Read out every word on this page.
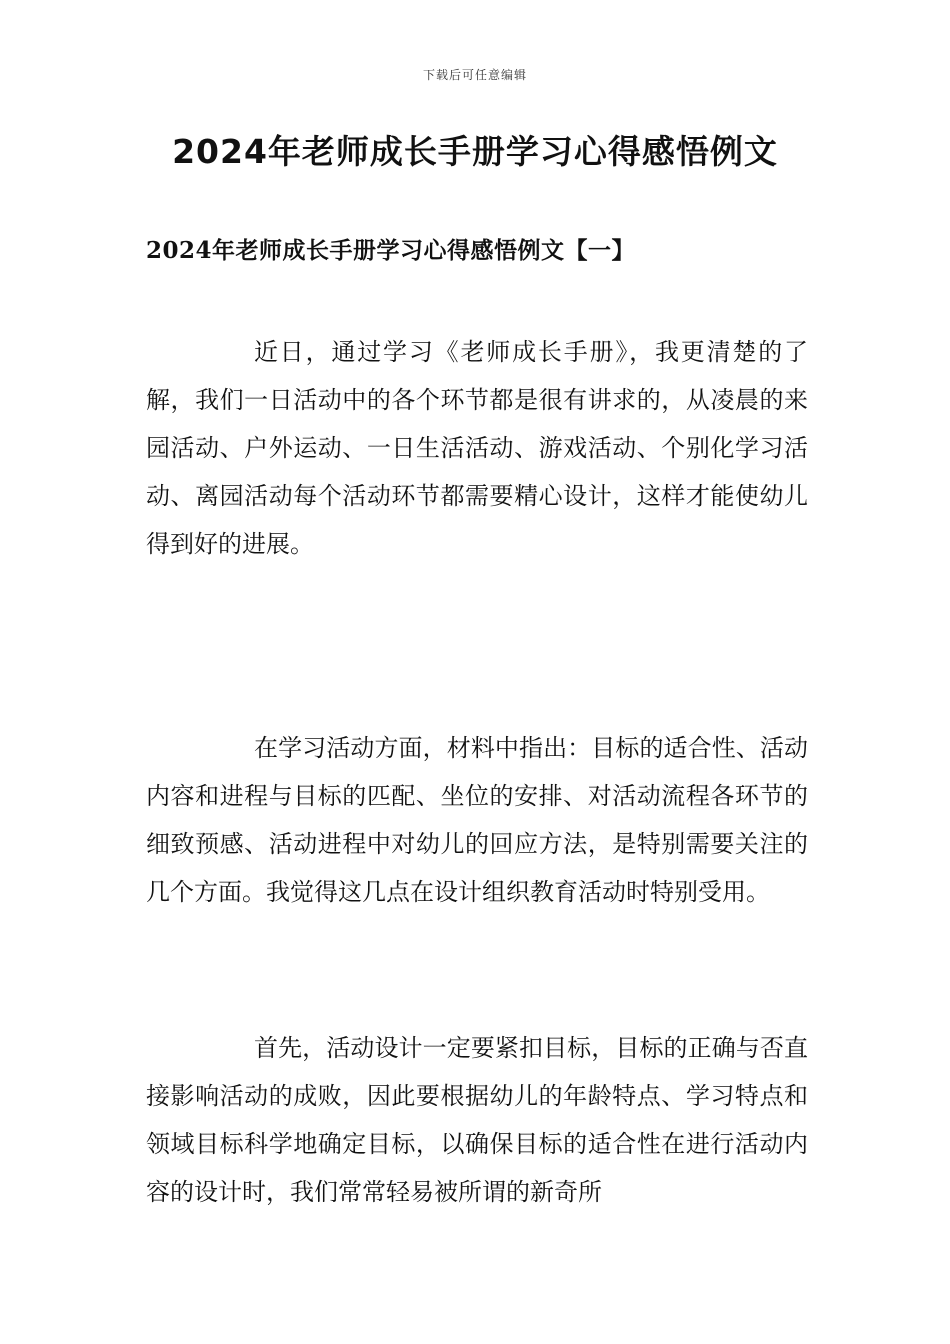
下载后可任意编辑
2024年老师成长手册学习心得感悟例文
2024年老师成长手册学习心得感悟例文【一】

近日，通过学习《老师成长手册》，我更清楚的了解，我们一日活动中的各个环节都是很有讲求的，从凌晨的来园活动、户外运动、一日生活活动、游戏活动、个别化学习活动、离园活动每个活动环节都需要精心设计，这样才能使幼儿得到好的进展。

在学习活动方面，材料中指出：目标的适合性、活动内容和进程与目标的匹配、坐位的安排、对活动流程各环节的细致预感、活动进程中对幼儿的回应方法，是特别需要关注的几个方面。我觉得这几点在设计组织教育活动时特别受用。

首先，活动设计一定要紧扣目标，目标的正确与否直接影响活动的成败，因此要根据幼儿的年龄特点、学习特点和领域目标科学地确定目标，以确保目标的适合性在进行活动内容的设计时，我们常常轻易被所谓的新奇所
